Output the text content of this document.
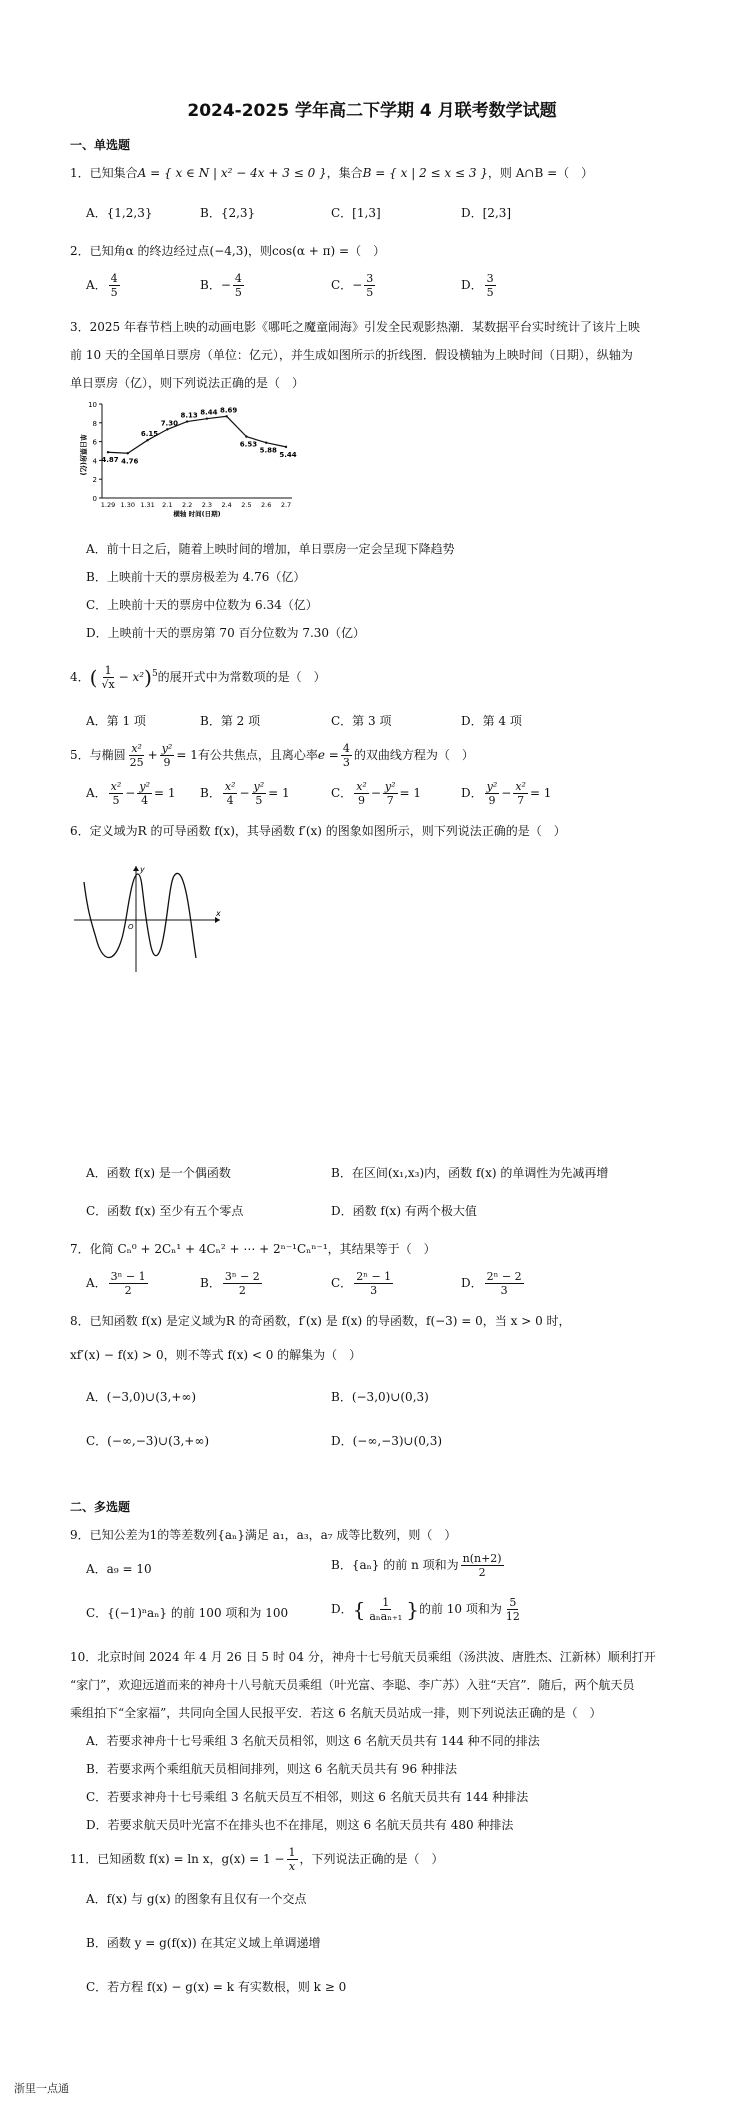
2024-2025 学年高二下学期 4 月联考数学试题
一、单选题
1．已知集合A = { x ∈ N | x² − 4x + 3 ≤ 0 }，集合B = { x | 2 ≤ x ≤ 3 }，则 A∩B =（　）
A．{1,2,3}	B．{2,3}	C．[1,3]	D．[2,3]
2．已知角α 的终边经过点(−4,3)，则cos(α + π) =（　）
A． $\frac{4}{5}$	B．− $\frac{4}{5}$	C．− $\frac{3}{5}$	D． $\frac{3}{5}$
3．2025 年春节档上映的动画电影《哪吒之魔童闹海》引发全民观影热潮．某数据平台实时统计了该片上映
前 10 天的全国单日票房（单位：亿元），并生成如图所示的折线图．假设横轴为上映时间（日期），纵轴为
单日票房（亿），则下列说法正确的是（　）
0
2
4
6
8
10
1.29 1.30 1.31 2.1 2.2 2.3 2.4 2.5 2.6 2.7
4.87 4.76
6.15
7.30
8.13 8.44 8.69
6.53
5.88
5.44
单日票房(亿)
横轴 时间(日期)
A．前十日之后，随着上映时间的增加，单日票房一定会呈现下降趋势
B．上映前十天的票房极差为 4.76（亿）
C．上映前十天的票房中位数为 6.34（亿）
D．上映前十天的票房第 70 百分位数为 7.30（亿）
4．( $\frac{1}{√x} - x^2)^5$的展开式中为常数项的是（　）
A．第 1 项	B．第 2 项	C．第 3 项	D．第 4 项
5．与椭圆 $\frac{\text{x²}}{25} + \frac{\text{y²}}{9} = 1$有公共焦点，且离心率$e = \frac{4}{3}$ 的双曲线方程为（　）
A． $\frac{\text{x²}}{5} - \frac{\text{y²}}{4} = 1$ B． $\frac{\text{x²}}{4} - \frac{\text{y²}}{5} = 1$	C． $\frac{\text{x²}}{9} - \frac{\text{y²}}{7} = 1$	D． $\frac{\text{y²}}{9} - \frac{\text{x²}}{7} = 1$
6．定义域为R 的可导函数 f(x)，其导函数 f′(x) 的图象如图所示，则下列说法正确的是（　）
y
x
O
A．函数 f(x) 是一个偶函数	B．在区间(x₁,x₃)内，函数 f(x) 的单调性为先减再增
C．函数 f(x) 至少有五个零点	D．函数 f(x) 有两个极大值
7．化简 Cₙ⁰ + 2Cₙ¹ + 4Cₙ² + ⋯ + 2ⁿ⁻¹Cₙⁿ⁻¹，其结果等于（　）
A． $\frac{\text{3ⁿ − 1}}{2}$	B． $\frac{\text{3ⁿ − 2}}{2}$	C． $\frac{\text{2ⁿ − 1}}{3}$	D． $\frac{\text{2ⁿ − 2}}{3}$
8．已知函数 f(x) 是定义域为R 的奇函数，f′(x) 是 f(x) 的导函数，f(−3) = 0，当 x > 0 时，
xf′(x) − f(x) > 0，则不等式 f(x) < 0 的解集为（　）
A．(−3,0)∪(3,+∞)	B．(−3,0)∪(0,3)
C．(−∞,−3)∪(3,+∞)	D．(−∞,−3)∪(0,3)
二、多选题
9．已知公差为1的等差数列{aₙ}满足 a₁，a₃，a₇ 成等比数列，则（　）
A．a₉ = 10	B．{aₙ} 的前 n 项和为 $\frac{n(n+2)}{2}$
C．{(−1)ⁿaₙ} 的前 100 项和为 100	D．{ $\frac{1}{\text{aₙaₙ₊₁}}$ }的前 10 项和为 $\frac{5}{12}$
10．北京时间 2024 年 4 月 26 日 5 时 04 分，神舟十七号航天员乘组（汤洪波、唐胜杰、江新林）顺利打开
“家门”，欢迎远道而来的神舟十八号航天员乘组（叶光富、李聪、李广苏）入驻“天宫”．随后，两个航天员
乘组拍下“全家福”，共同向全国人民报平安．若这 6 名航天员站成一排，则下列说法正确的是（　）
A．若要求神舟十七号乘组 3 名航天员相邻，则这 6 名航天员共有 144 种不同的排法
B．若要求两个乘组航天员相间排列，则这 6 名航天员共有 96 种排法
C．若要求神舟十七号乘组 3 名航天员互不相邻，则这 6 名航天员共有 144 种排法
D．若要求航天员叶光富不在排头也不在排尾，则这 6 名航天员共有 480 种排法
11．已知函数 f(x) = ln x，$g(x) = 1 - \frac{1}{x}$ ，下列说法正确的是（　）
A．f(x) 与 g(x) 的图象有且仅有一个交点
B．函数 y = g(f(x)) 在其定义域上单调递增
C．若方程 f(x) − g(x) = k 有实数根，则 k ≥ 0
浙里一点通
